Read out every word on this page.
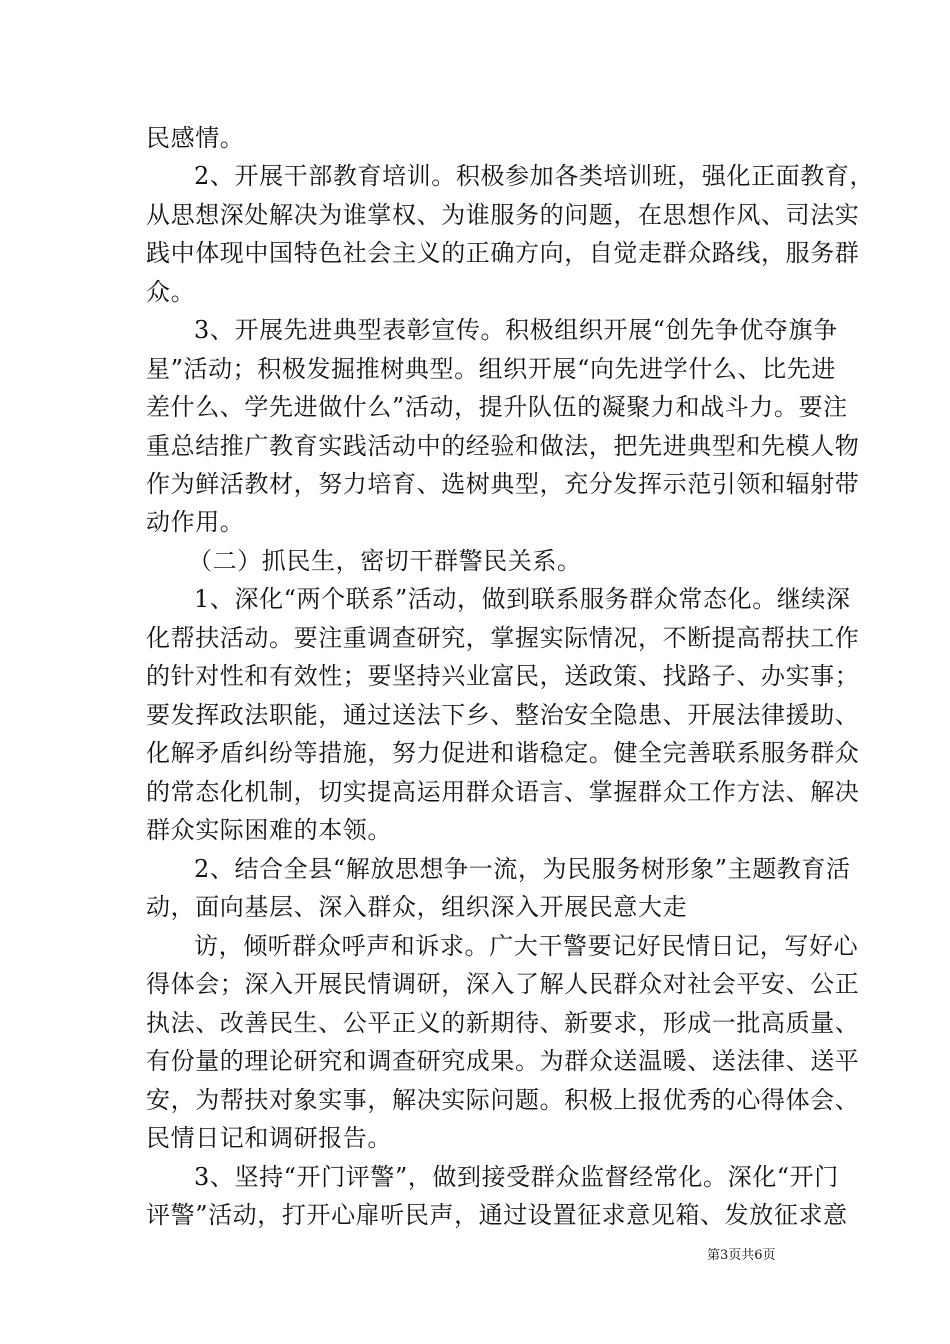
民感情。
2、开展干部教育培训。积极参加各类培训班，强化正面教育，
从思想深处解决为谁掌权、为谁服务的问题，在思想作风、司法实
践中体现中国特色社会主义的正确方向，自觉走群众路线，服务群
众。
3、开展先进典型表彰宣传。积极组织开展“创先争优夺旗争
星”活动；积极发掘推树典型。组织开展“向先进学什么、比先进
差什么、学先进做什么”活动，提升队伍的凝聚力和战斗力。要注
重总结推广教育实践活动中的经验和做法，把先进典型和先模人物
作为鲜活教材，努力培育、选树典型，充分发挥示范引领和辐射带
动作用。
（二）抓民生，密切干群警民关系。
1、深化“两个联系”活动，做到联系服务群众常态化。继续深
化帮扶活动。要注重调查研究，掌握实际情况，不断提高帮扶工作
的针对性和有效性；要坚持兴业富民，送政策、找路子、办实事；
要发挥政法职能，通过送法下乡、整治安全隐患、开展法律援助、
化解矛盾纠纷等措施，努力促进和谐稳定。健全完善联系服务群众
的常态化机制，切实提高运用群众语言、掌握群众工作方法、解决
群众实际困难的本领。
2、结合全县“解放思想争一流，为民服务树形象”主题教育活
动，面向基层、深入群众，组织深入开展民意大走
访，倾听群众呼声和诉求。广大干警要记好民情日记，写好心
得体会；深入开展民情调研，深入了解人民群众对社会平安、公正
执法、改善民生、公平正义的新期待、新要求，形成一批高质量、
有份量的理论研究和调查研究成果。为群众送温暖、送法律、送平
安，为帮扶对象实事，解决实际问题。积极上报优秀的心得体会、
民情日记和调研报告。
3、坚持“开门评警”，做到接受群众监督经常化。深化“开门
评警”活动，打开心扉听民声，通过设置征求意见箱、发放征求意
第3页共6页
